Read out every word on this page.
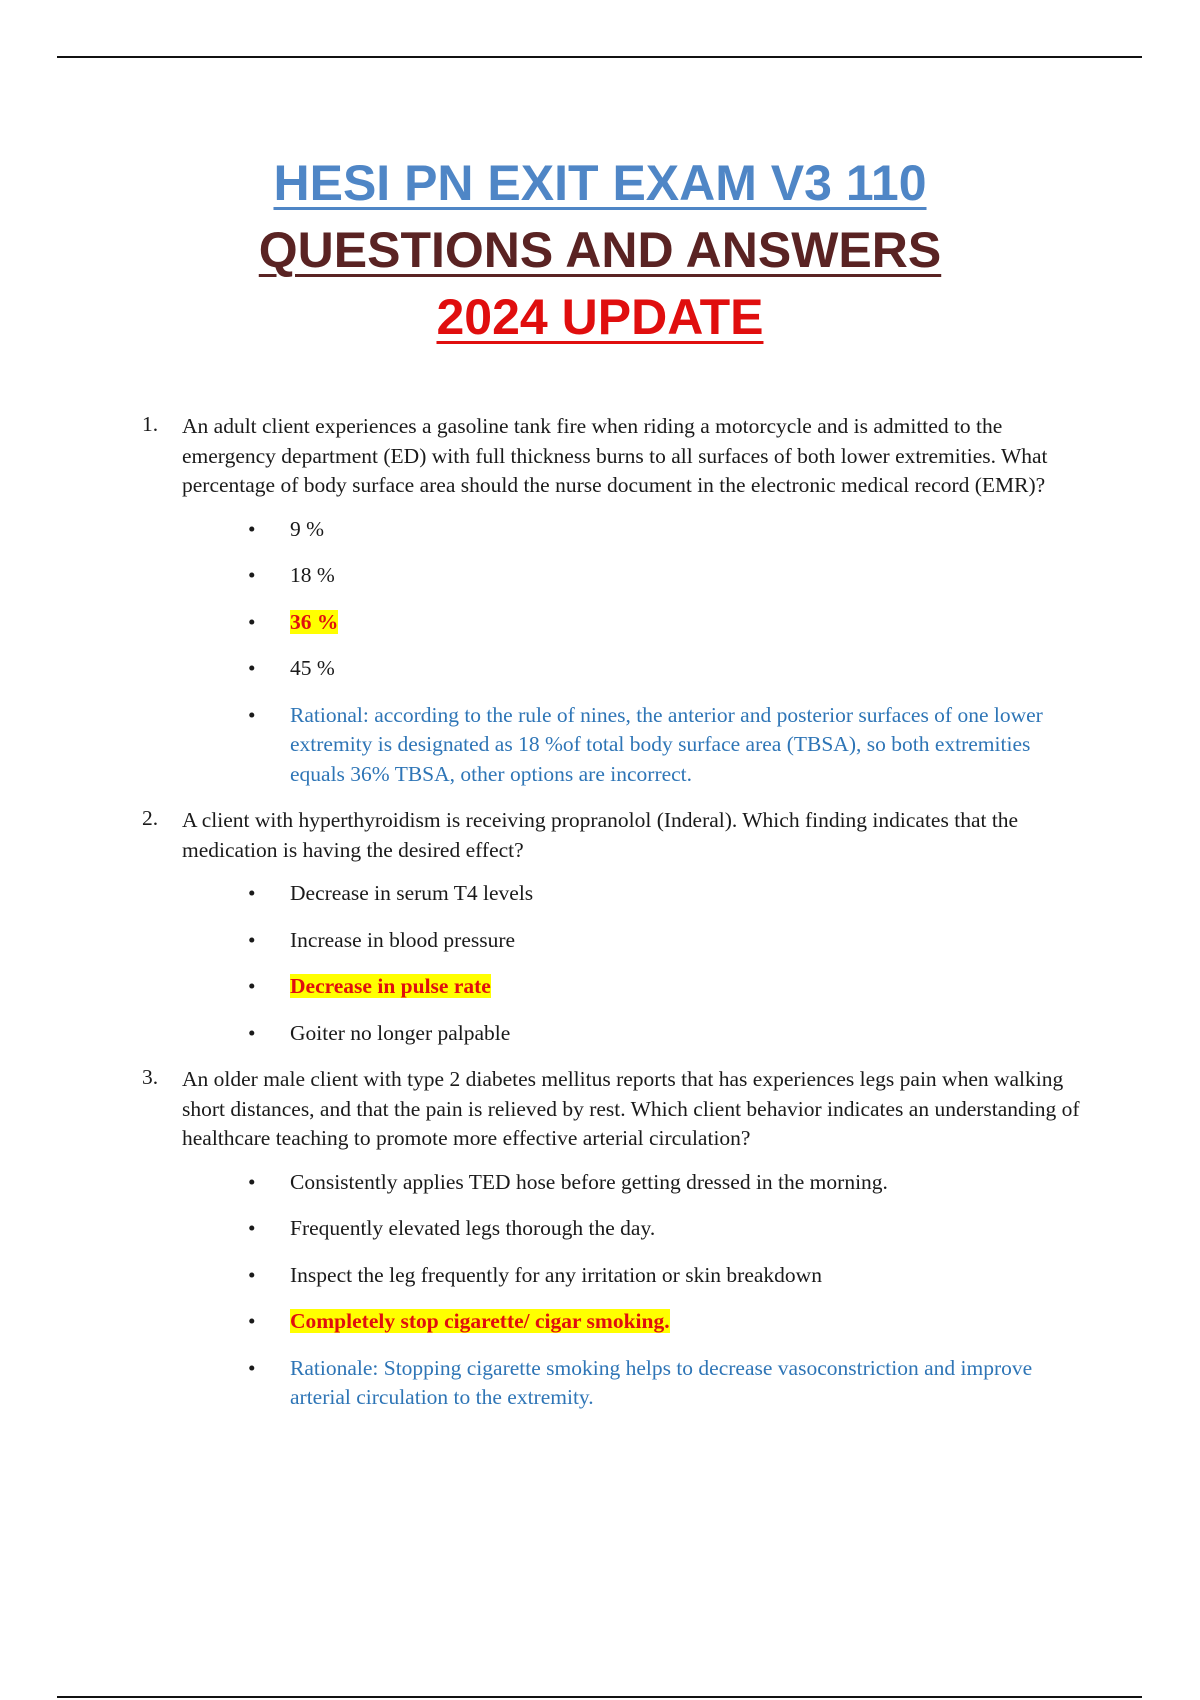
HESI PN EXIT EXAM V3 110
QUESTIONS AND ANSWERS
2024 UPDATE
1. An adult client experiences a gasoline tank fire when riding a motorcycle and is admitted to the emergency department (ED) with full thickness burns to all surfaces of both lower extremities. What percentage of body surface area should the nurse document in the electronic medical record (EMR)?
• 9 %
• 18 %
• 36 %
• 45 %
• Rational: according to the rule of nines, the anterior and posterior surfaces of one lower extremity is designated as 18 %of total body surface area (TBSA), so both extremities equals 36% TBSA, other options are incorrect.
2. A client with hyperthyroidism is receiving propranolol (Inderal). Which finding indicates that the medication is having the desired effect?
• Decrease in serum T4 levels
• Increase in blood pressure
• Decrease in pulse rate
• Goiter no longer palpable
3. An older male client with type 2 diabetes mellitus reports that has experiences legs pain when walking short distances, and that the pain is relieved by rest. Which client behavior indicates an understanding of healthcare teaching to promote more effective arterial circulation?
• Consistently applies TED hose before getting dressed in the morning.
• Frequently elevated legs thorough the day.
• Inspect the leg frequently for any irritation or skin breakdown
• Completely stop cigarette/ cigar smoking.
• Rationale: Stopping cigarette smoking helps to decrease vasoconstriction and improve arterial circulation to the extremity.
